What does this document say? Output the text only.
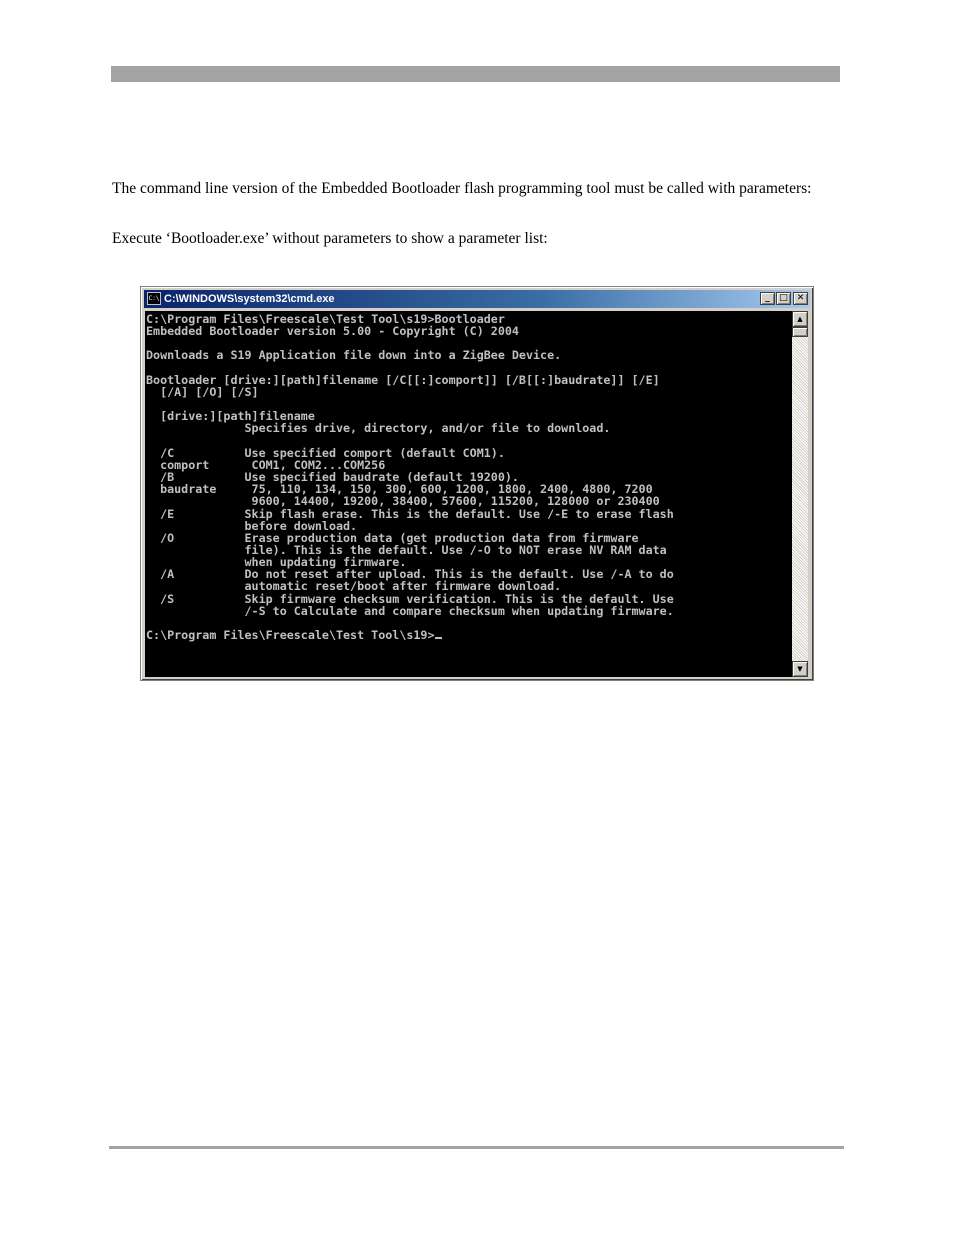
The command line version of the Embedded Bootloader flash programming tool must be called with parameters:

Execute ‘Bootloader.exe’ without parameters to show a parameter list:

C:\ C:\WINDOWS\system32\cmd.exe	_	□ ✕
C:\Program Files\Freescale\Test Tool\s19>Bootloader
Embedded Bootloader version 5.00 - Copyright (C) 2004

Downloads a S19 Application file down into a ZigBee Device.

Bootloader [drive:][path]filename [/C[[:]comport]] [/B[[:]baudrate]] [/E]
[/A] [/O] [/S]

[drive:][path]filename
Specifies drive, directory, and/or file to download.

/C          Use specified comport (default COM1).
comport      COM1, COM2...COM256
/B          Use specified baudrate (default 19200).
baudrate     75, 110, 134, 150, 300, 600, 1200, 1800, 2400, 4800, 7200
9600, 14400, 19200, 38400, 57600, 115200, 128000 or 230400
/E          Skip flash erase. This is the default. Use /-E to erase flash
before download.
/O          Erase production data (get production data from firmware
file). This is the default. Use /-O to NOT erase NV RAM data
when updating firmware.
/A          Do not reset after upload. This is the default. Use /-A to do
automatic reset/boot after firmware download.
/S          Skip firmware checksum verification. This is the default. Use
/-S to Calculate and compare checksum when updating firmware.

C:\Program Files\Freescale\Test Tool\s19>
▲
▼
